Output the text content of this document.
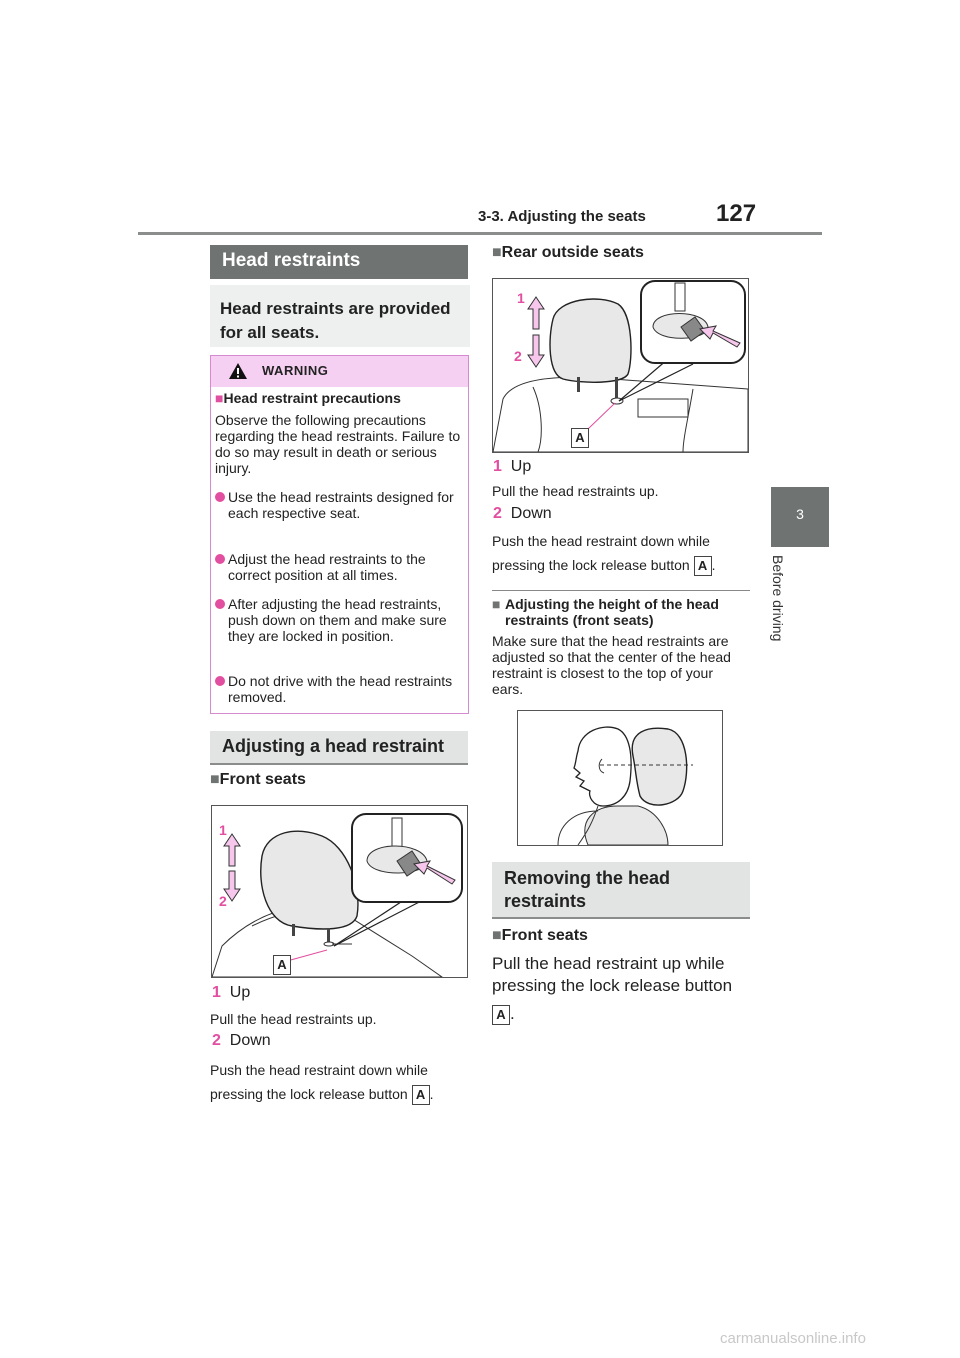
3-3. Adjusting the seats	127
3
Before driving
Head restraints
Head restraints are provided for all seats.
WARNING
■Head restraint precautions
Observe the following precautions regarding the head restraints. Failure to do so may result in death or serious injury.
Use the head restraints designed for each respective seat.
Adjust the head restraints to the correct position at all times.
After adjusting the head restraints, push down on them and make sure they are locked in position.
Do not drive with the head restraints removed.
Adjusting a head restraint
■Front seats
1
2
A
1 Up
Pull the head restraints up.
2 Down
Push the head restraint down while pressing the lock release button A .
■Rear outside seats
1
2
A
1 Up
Pull the head restraints up.
2 Down
Push the head restraint down while pressing the lock release button A .
■ Adjusting the height of the head restraints (front seats)
Make sure that the head restraints are adjusted so that the center of the head restraint is closest to the top of your ears.
Removing the head restraints
■Front seats
Pull the head restraint up while pressing the lock release button
A .
carmanualsonline.info
